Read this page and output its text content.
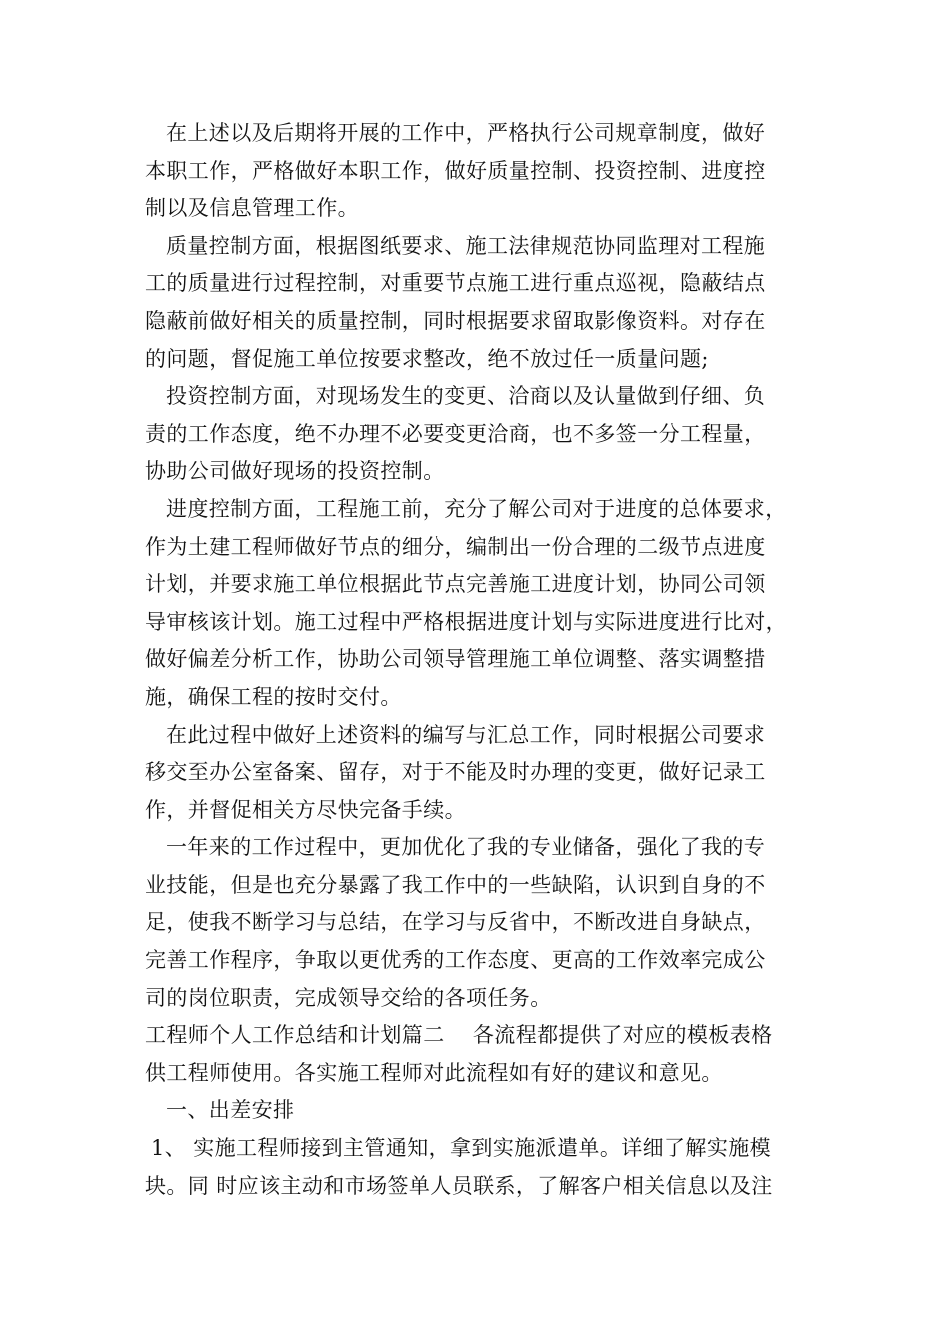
在上述以及后期将开展的工作中，严格执行公司规章制度，做好
本职工作，严格做好本职工作，做好质量控制、投资控制、进度控
制以及信息管理工作。
质量控制方面，根据图纸要求、施工法律规范协同监理对工程施
工的质量进行过程控制，对重要节点施工进行重点巡视，隐蔽结点
隐蔽前做好相关的质量控制，同时根据要求留取影像资料。对存在
的问题，督促施工单位按要求整改，绝不放过任一质量问题;
投资控制方面，对现场发生的变更、洽商以及认量做到仔细、负
责的工作态度，绝不办理不必要变更洽商，也不多签一分工程量，
协助公司做好现场的投资控制。
进度控制方面，工程施工前，充分了解公司对于进度的总体要求，
作为土建工程师做好节点的细分，编制出一份合理的二级节点进度
计划，并要求施工单位根据此节点完善施工进度计划，协同公司领
导审核该计划。施工过程中严格根据进度计划与实际进度进行比对，
做好偏差分析工作，协助公司领导管理施工单位调整、落实调整措
施，确保工程的按时交付。
在此过程中做好上述资料的编写与汇总工作，同时根据公司要求
移交至办公室备案、留存，对于不能及时办理的变更，做好记录工
作，并督促相关方尽快完备手续。
一年来的工作过程中，更加优化了我的专业储备，强化了我的专
业技能，但是也充分暴露了我工作中的一些缺陷，认识到自身的不
足，使我不断学习与总结，在学习与反省中，不断改进自身缺点，
完善工作程序，争取以更优秀的工作态度、更高的工作效率完成公
司的岗位职责，完成领导交给的各项任务。
工程师个人工作总结和计划篇二    各流程都提供了对应的模板表格
供工程师使用。各实施工程师对此流程如有好的建议和意见。
一、出差安排
1、 实施工程师接到主管通知，拿到实施派遣单。详细了解实施模
块。同 时应该主动和市场签单人员联系，了解客户相关信息以及注
